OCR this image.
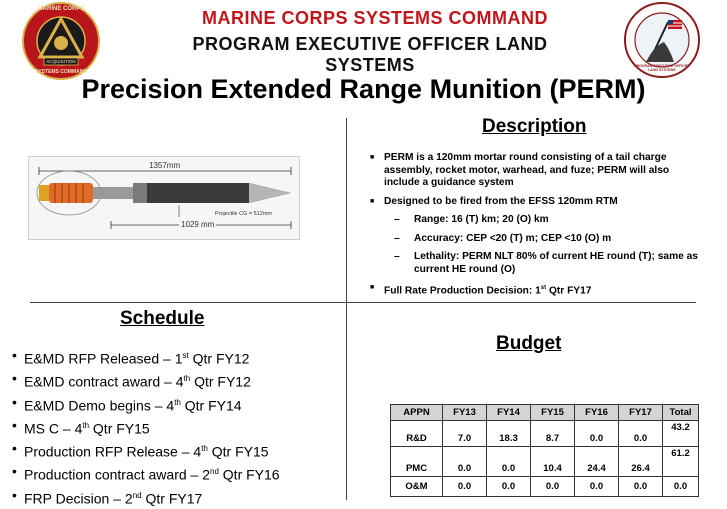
MARINE CORPS
ACQUISITION
SYSTEMS COMMAND
MARINE CORPS SYSTEMS COMMAND
PROGRAM EXECUTIVE OFFICER LAND SYSTEMS	PROGRAM EXECUTIVE OFFICER LAND SYSTEMS
Precision Extended Range Munition (PERM)
1357mm
1029 mm
Projectile CG = 512mm
Description
■ PERM is a 120mm mortar round consisting of a tail charge assembly, rocket motor, warhead, and fuze; PERM will also include a guidance system
■ Designed to be fired from the EFSS 120mm RTM
– Range: 16 (T) km; 20 (O) km
– Accuracy: CEP <20 (T) m; CEP <10 (O) m
– Lethality: PERM NLT 80% of current HE round (T); same as current HE round (O)
■ Full Rate Production Decision: 1st Qtr FY17
Schedule
• E&MD RFP Released – 1st Qtr FY12
• E&MD contract award – 4th Qtr FY12
• E&MD Demo begins – 4th Qtr FY14
• MS C – 4th Qtr FY15
• Production RFP Release – 4th Qtr FY15
• Production contract award – 2nd Qtr FY16
• FRP Decision – 2nd Qtr FY17
Budget
APPN	FY13	FY14	FY15	FY16	FY17	Total
R&D	7.0	18.3	8.7	0.0	0.0	43.2
PMC	0.0	0.0	10.4	24.4	26.4	61.2
O&M	0.0	0.0	0.0	0.0	0.0	0.0
